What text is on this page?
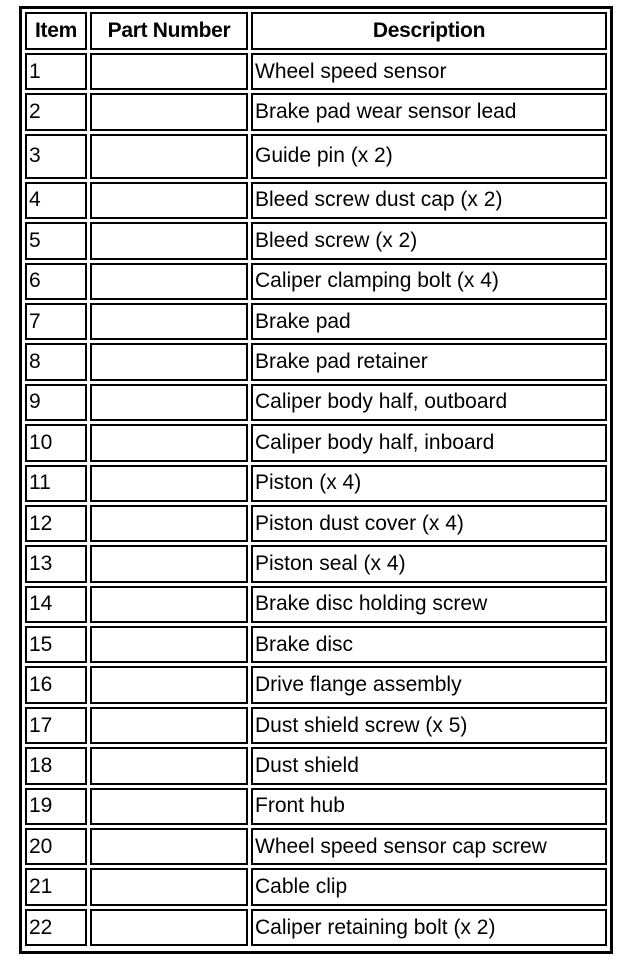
Item	Part Number	Description
1		Wheel speed sensor
2		Brake pad wear sensor lead
3		Guide pin (x 2)
4		Bleed screw dust cap (x 2)
5		Bleed screw (x 2)
6		Caliper clamping bolt (x 4)
7		Brake pad
8		Brake pad retainer
9		Caliper body half, outboard
10		Caliper body half, inboard
11		Piston (x 4)
12		Piston dust cover (x 4)
13		Piston seal (x 4)
14		Brake disc holding screw
15		Brake disc
16		Drive flange assembly
17		Dust shield screw (x 5)
18		Dust shield
19		Front hub
20		Wheel speed sensor cap screw
21		Cable clip
22		Caliper retaining bolt (x 2)
